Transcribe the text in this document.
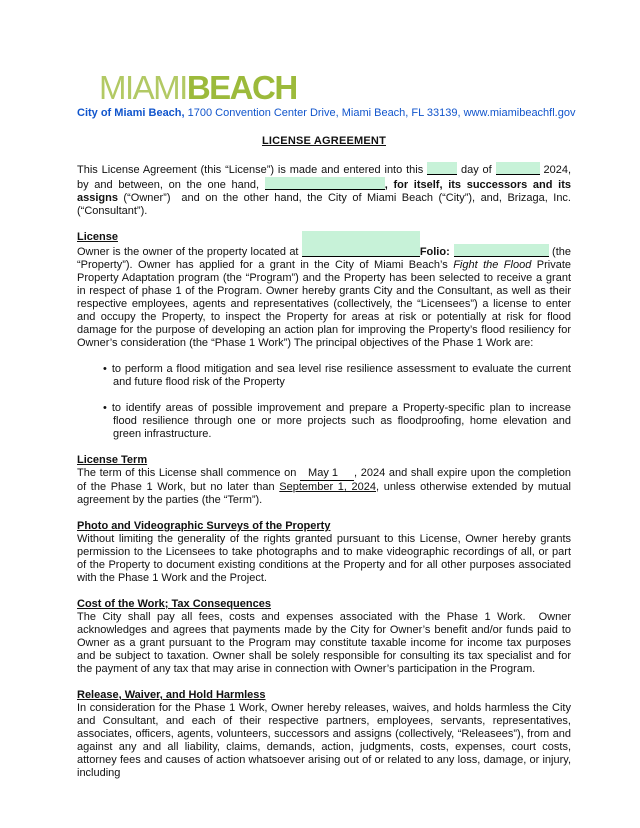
MIAMIBEACH
City of Miami Beach, 1700 Convention Center Drive, Miami Beach, FL 33139, www.miamibeachfl.gov
LICENSE AGREEMENT

This License Agreement (this “License”) is made and entered into this	day of	2024, by and between, on the one hand,	, for itself, its successors and its assigns (“Owner”)  and on the other hand, the City of Miami Beach (“City”), and, Brizaga, Inc. (“Consultant”).

License

Owner is the owner of the property located at	Folio:	(the “Property”). Owner has applied for a grant in the City of Miami Beach’s Fight the Flood Private Property Adaptation program (the “Program”) and the Property has been selected to receive a grant in respect of phase 1 of the Program. Owner hereby grants City and the Consultant, as well as their respective employees, agents and representatives (collectively, the “Licensees”) a license to enter and occupy the Property, to inspect the Property for areas at risk or potentially at risk for flood damage for the purpose of developing an action plan for improving the Property’s flood resiliency for Owner’s consideration (the “Phase 1 Work”) The principal objectives of the Phase 1 Work are:

• to perform a flood mitigation and sea level rise resilience assessment to evaluate the current and future flood risk of the Property

• to identify areas of possible improvement and prepare a Property-specific plan to increase flood resilience through one or more projects such as floodproofing, home elevation and green infrastructure.

License Term

The term of this License shall commence on May 1 , 2024 and shall expire upon the completion of the Phase 1 Work, but no later than September 1, 2024, unless otherwise extended by mutual agreement by the parties (the “Term”).

Photo and Videographic Surveys of the Property

Without limiting the generality of the rights granted pursuant to this License, Owner hereby grants permission to the Licensees to take photographs and to make videographic recordings of all, or part of the Property to document existing conditions at the Property and for all other purposes associated with the Phase 1 Work and the Project.

Cost of the Work; Tax Consequences

The City shall pay all fees, costs and expenses associated with the Phase 1 Work.  Owner acknowledges and agrees that payments made by the City for Owner’s benefit and/or funds paid to Owner as a grant pursuant to the Program may constitute taxable income for income tax purposes and be subject to taxation. Owner shall be solely responsible for consulting its tax specialist and for the payment of any tax that may arise in connection with Owner’s participation in the Program.

Release, Waiver, and Hold Harmless

In consideration for the Phase 1 Work, Owner hereby releases, waives, and holds harmless the City and Consultant, and each of their respective partners, employees, servants, representatives, associates, officers, agents, volunteers, successors and assigns (collectively, “Releasees”), from and against any and all liability, claims, demands, action, judgments, costs, expenses, court costs, attorney fees and causes of action whatsoever arising out of or related to any loss, damage, or injury, including
